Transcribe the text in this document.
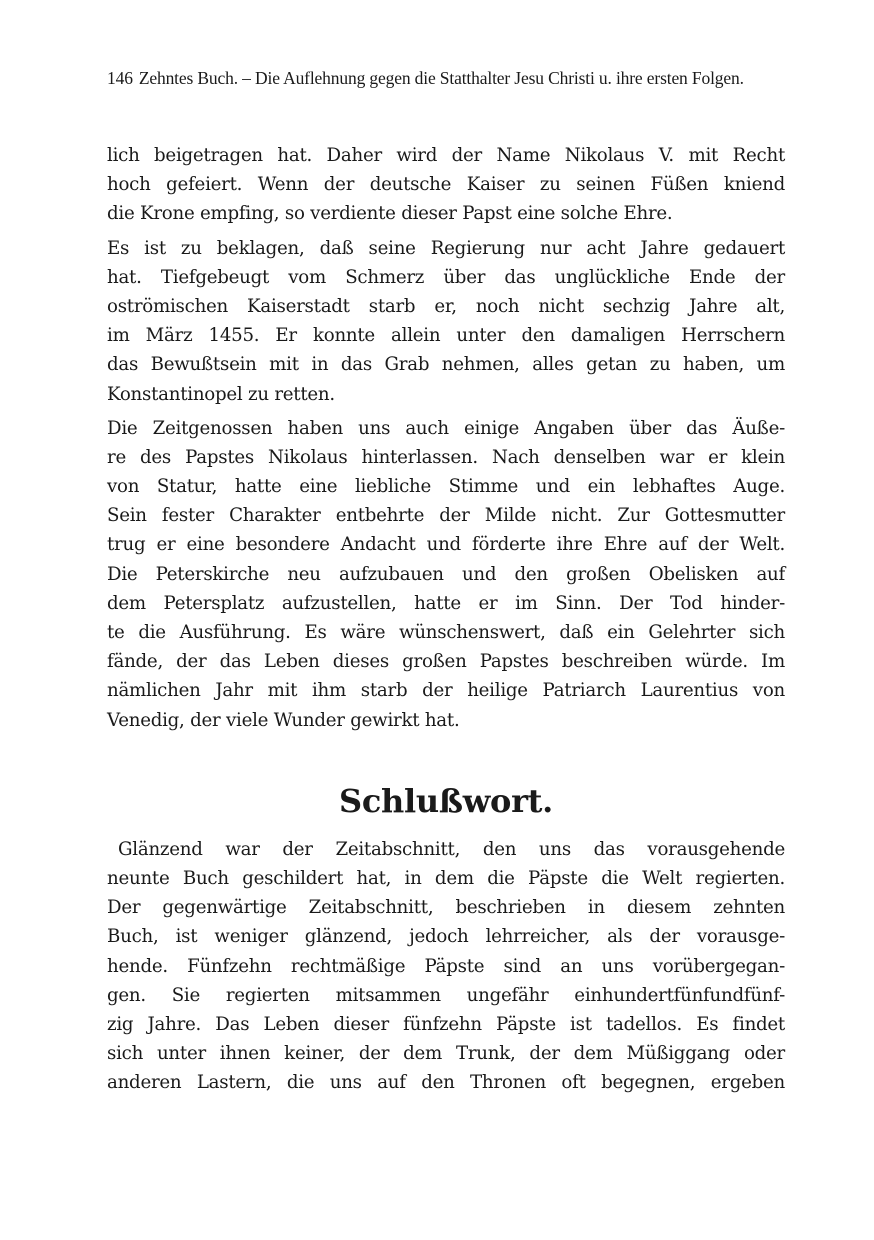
146 Zehntes Buch. – Die Auflehnung gegen die Statthalter Jesu Christi u. ihre ersten Folgen.

lich beigetragen hat. Daher wird der Name Nikolaus V. mit Recht
hoch gefeiert. Wenn der deutsche Kaiser zu seinen Füßen kniend
die Krone empfing, so verdiente dieser Papst eine solche Ehre.

Es ist zu beklagen, daß seine Regierung nur acht Jahre gedauert
hat. Tiefgebeugt vom Schmerz über das unglückliche Ende der
oströmischen Kaiserstadt starb er, noch nicht sechzig Jahre alt,
im März 1455. Er konnte allein unter den damaligen Herrschern
das Bewußtsein mit in das Grab nehmen, alles getan zu haben, um
Konstantinopel zu retten.

Die Zeitgenossen haben uns auch einige Angaben über das Äuße-
re des Papstes Nikolaus hinterlassen. Nach denselben war er klein
von Statur, hatte eine liebliche Stimme und ein lebhaftes Auge.
Sein fester Charakter entbehrte der Milde nicht. Zur Gottesmutter
trug er eine besondere Andacht und förderte ihre Ehre auf der Welt.
Die Peterskirche neu aufzubauen und den großen Obelisken auf
dem Petersplatz aufzustellen, hatte er im Sinn. Der Tod hinder-
te die Ausführung. Es wäre wünschenswert, daß ein Gelehrter sich
fände, der das Leben dieses großen Papstes beschreiben würde. Im
nämlichen Jahr mit ihm starb der heilige Patriarch Laurentius von
Venedig, der viele Wunder gewirkt hat.

Schlußwort.

Glänzend war der Zeitabschnitt, den uns das vorausgehende
neunte Buch geschildert hat, in dem die Päpste die Welt regierten.
Der gegenwärtige Zeitabschnitt, beschrieben in diesem zehnten
Buch, ist weniger glänzend, jedoch lehrreicher, als der vorausge-
hende. Fünfzehn rechtmäßige Päpste sind an uns vorübergegan-
gen. Sie regierten mitsammen ungefähr einhundertfünfundfünf-
zig Jahre. Das Leben dieser fünfzehn Päpste ist tadellos. Es findet
sich unter ihnen keiner, der dem Trunk, der dem Müßiggang oder
anderen Lastern, die uns auf den Thronen oft begegnen, ergeben
